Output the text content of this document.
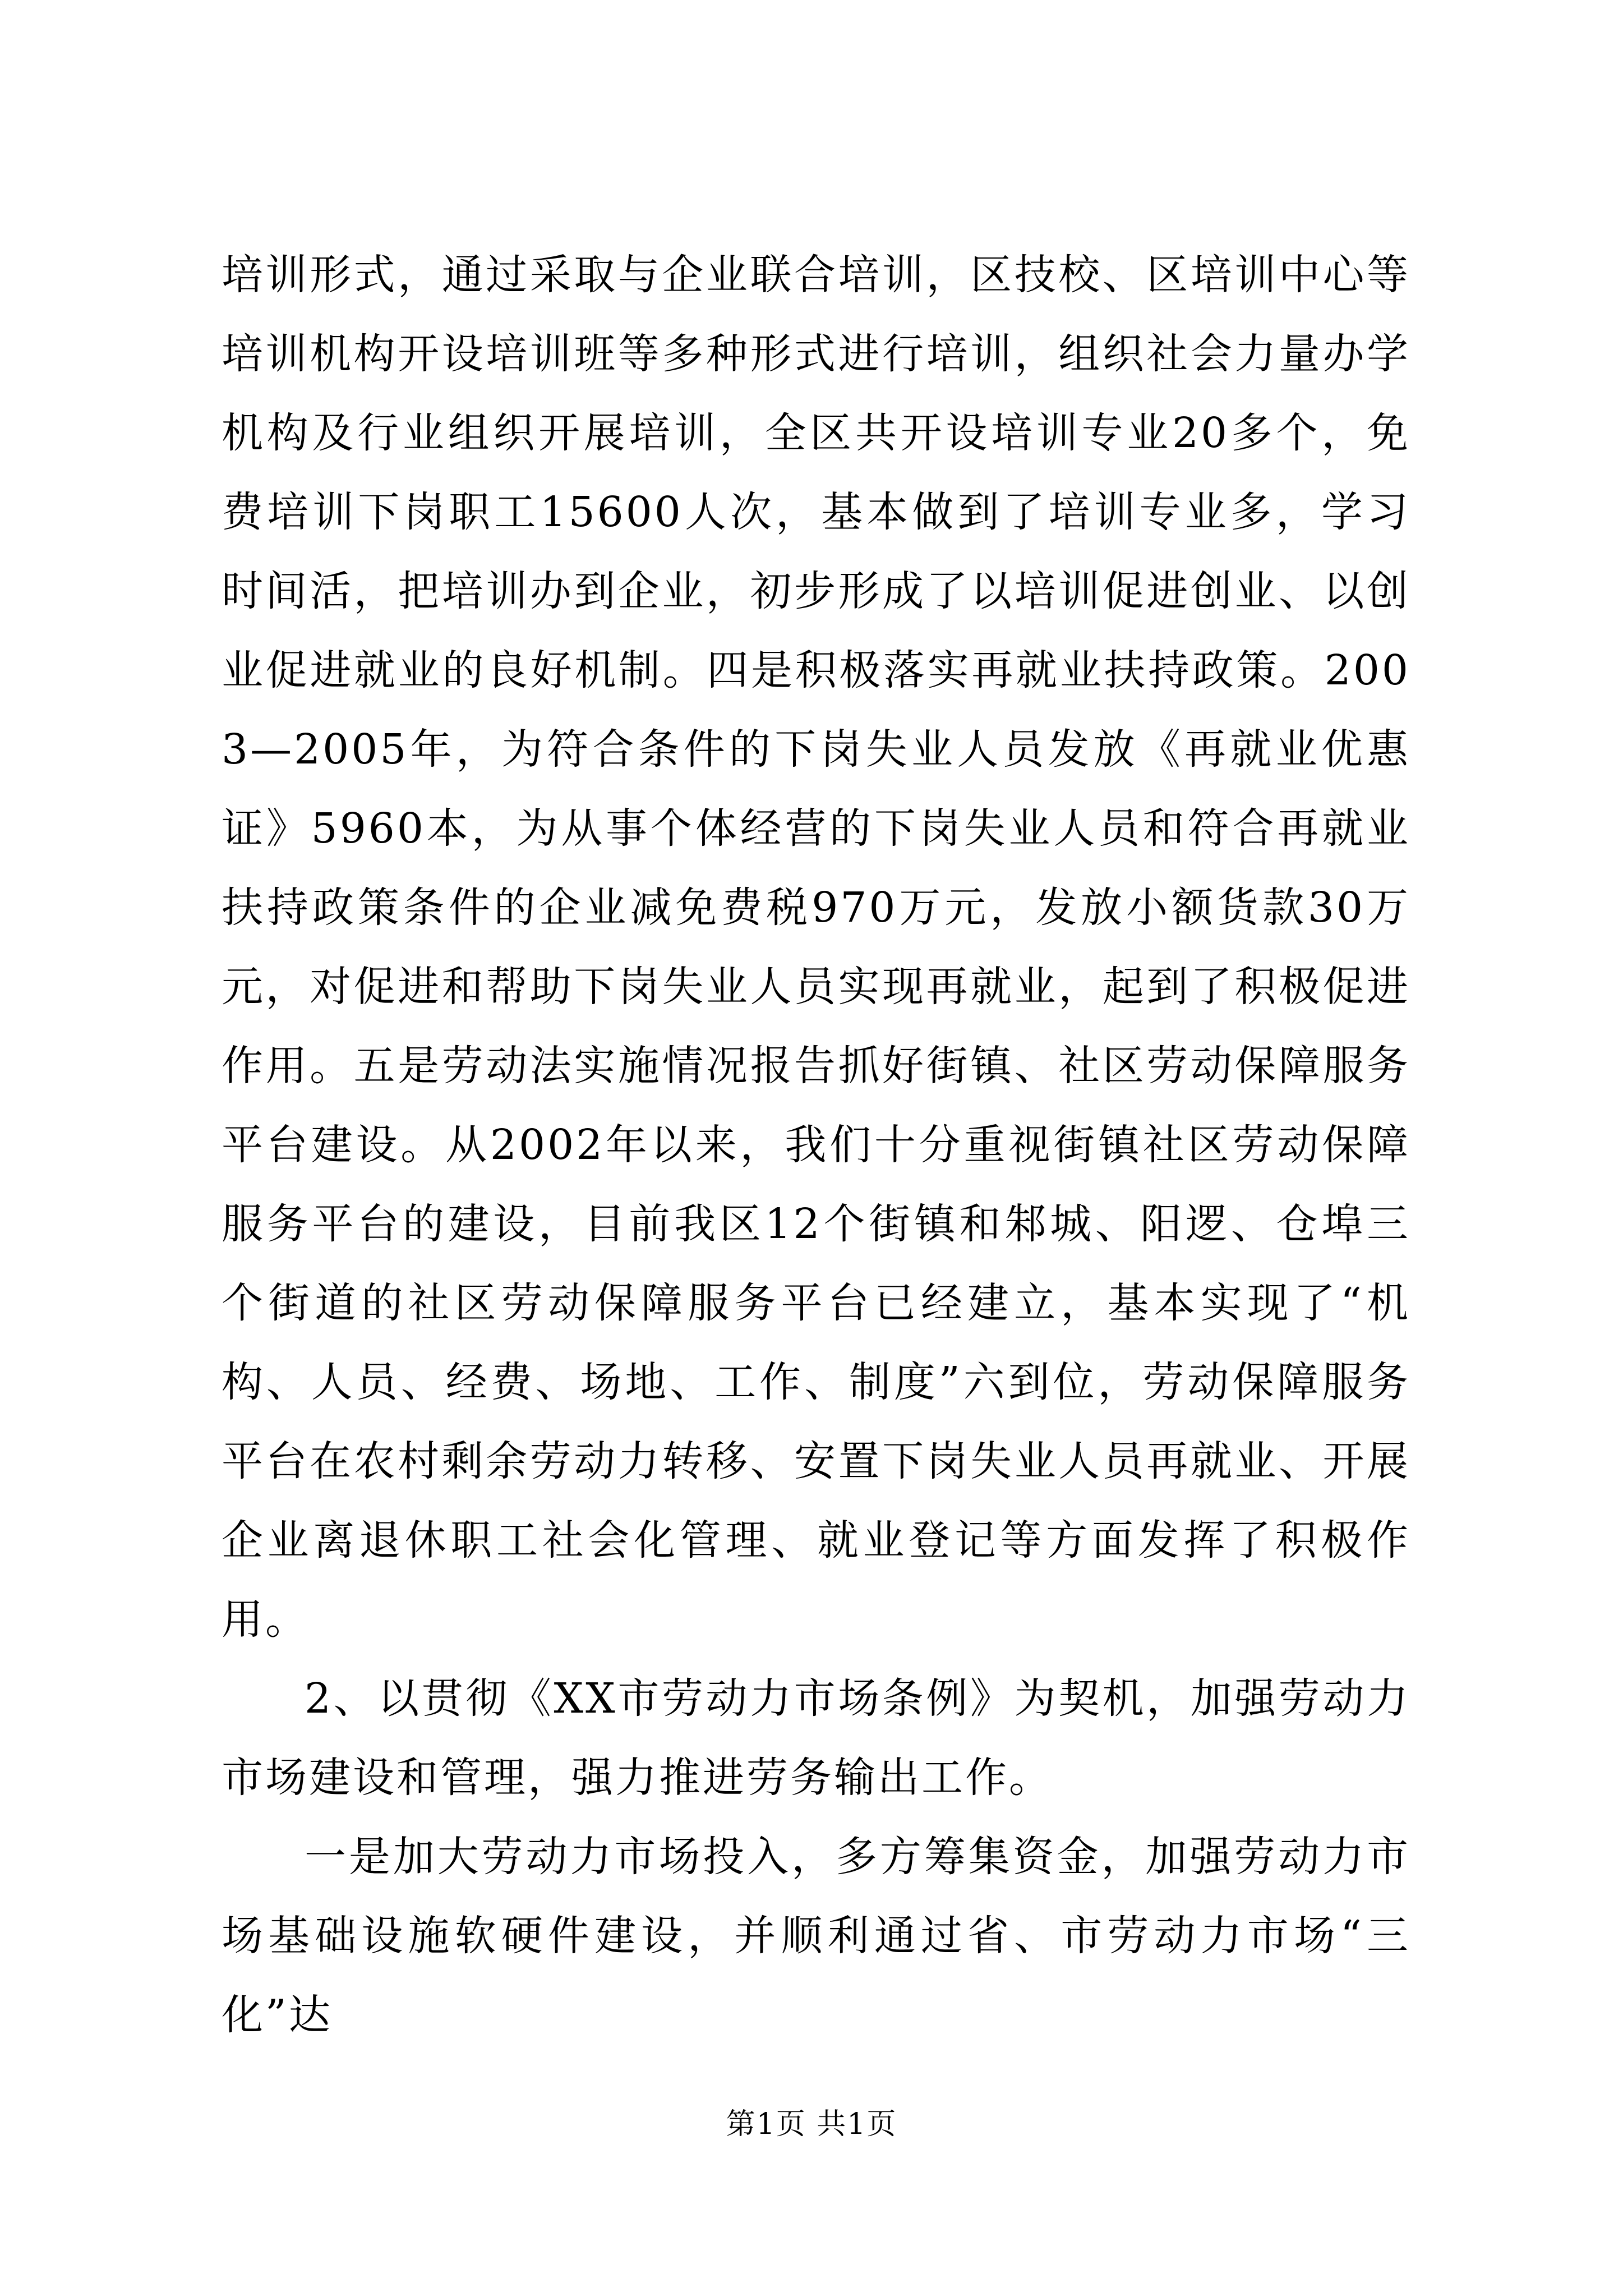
培训形式，通过采取与企业联合培训，区技校、区培训中心等培训机构开设培训班等多种形式进行培训，组织社会力量办学机构及行业组织开展培训，全区共开设培训专业20多个，免费培训下岗职工15600人次，基本做到了培训专业多，学习时间活，把培训办到企业，初步形成了以培训促进创业、以创业促进就业的良好机制。四是积极落实再就业扶持政策。2003—2005年，为符合条件的下岗失业人员发放《再就业优惠证》5960本，为从事个体经营的下岗失业人员和符合再就业扶持政策条件的企业减免费税970万元，发放小额货款30万元，对促进和帮助下岗失业人员实现再就业，起到了积极促进作用。五是劳动法实施情况报告抓好街镇、社区劳动保障服务平台建设。从2002年以来，我们十分重视街镇社区劳动保障服务平台的建设，目前我区12个街镇和邾城、阳逻、仓埠三个街道的社区劳动保障服务平台已经建立，基本实现了“机构、人员、经费、场地、工作、制度”六到位，劳动保障服务平台在农村剩余劳动力转移、安置下岗失业人员再就业、开展企业离退休职工社会化管理、就业登记等方面发挥了积极作用。

2、以贯彻《XX市劳动力市场条例》为契机，加强劳动力市场建设和管理，强力推进劳务输出工作。

一是加大劳动力市场投入，多方筹集资金，加强劳动力市场基础设施软硬件建设，并顺利通过省、市劳动力市场“三化”达

第1页 共1页
